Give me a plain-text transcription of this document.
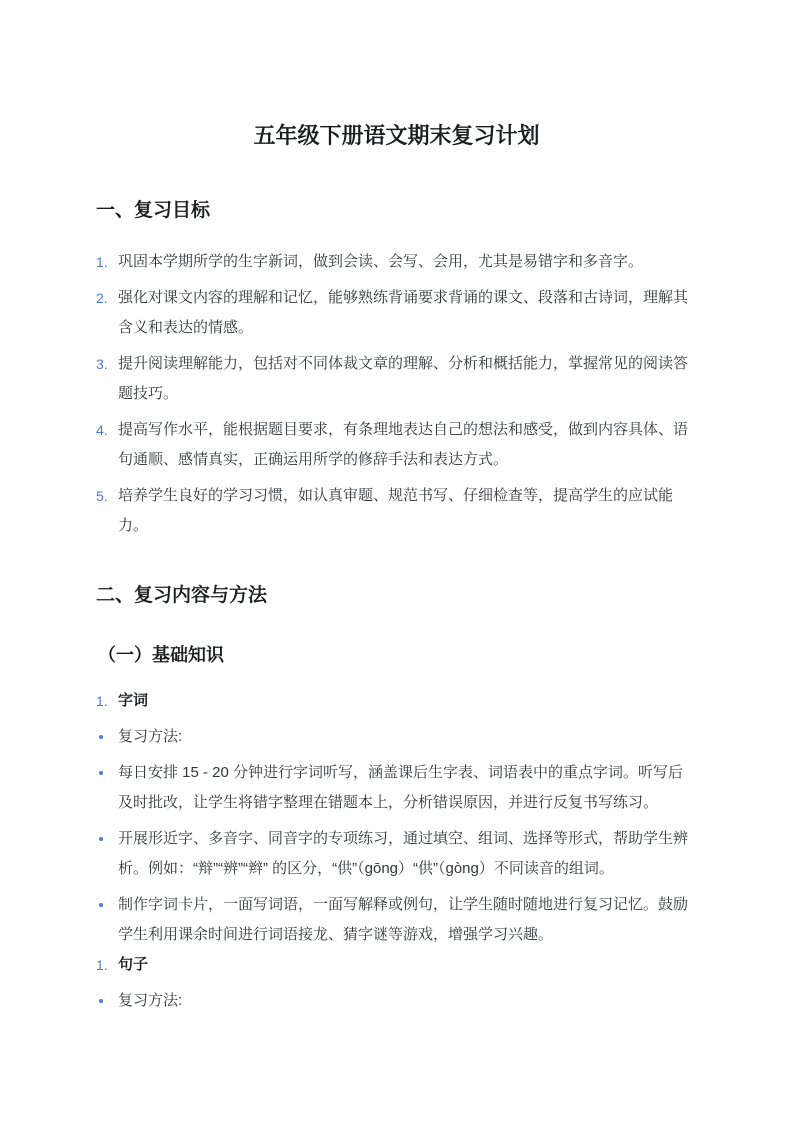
五年级下册语文期末复习计划
一、复习目标
1. 巩固本学期所学的生字新词，做到会读、会写、会用，尤其是易错字和多音字。
2. 强化对课文内容的理解和记忆，能够熟练背诵要求背诵的课文、段落和古诗词，理解其含义和表达的情感。
3. 提升阅读理解能力，包括对不同体裁文章的理解、分析和概括能力，掌握常见的阅读答题技巧。
4. 提高写作水平，能根据题目要求，有条理地表达自己的想法和感受，做到内容具体、语句通顺、感情真实，正确运用所学的修辞手法和表达方式。
5. 培养学生良好的学习习惯，如认真审题、规范书写、仔细检查等，提高学生的应试能力。
二、复习内容与方法
（一）基础知识
1. 字词
复习方法:
每日安排 15 - 20 分钟进行字词听写，涵盖课后生字表、词语表中的重点字词。听写后及时批改，让学生将错字整理在错题本上，分析错误原因，并进行反复书写练习。
开展形近字、多音字、同音字的专项练习，通过填空、组词、选择等形式，帮助学生辨析。例如：“辩”“辨”“辫” 的区分，“供”（gōng）“供”（gòng）不同读音的组词。
制作字词卡片，一面写词语，一面写解释或例句，让学生随时随地进行复习记忆。鼓励学生利用课余时间进行词语接龙、猜字谜等游戏，增强学习兴趣。
1. 句子
复习方法:
